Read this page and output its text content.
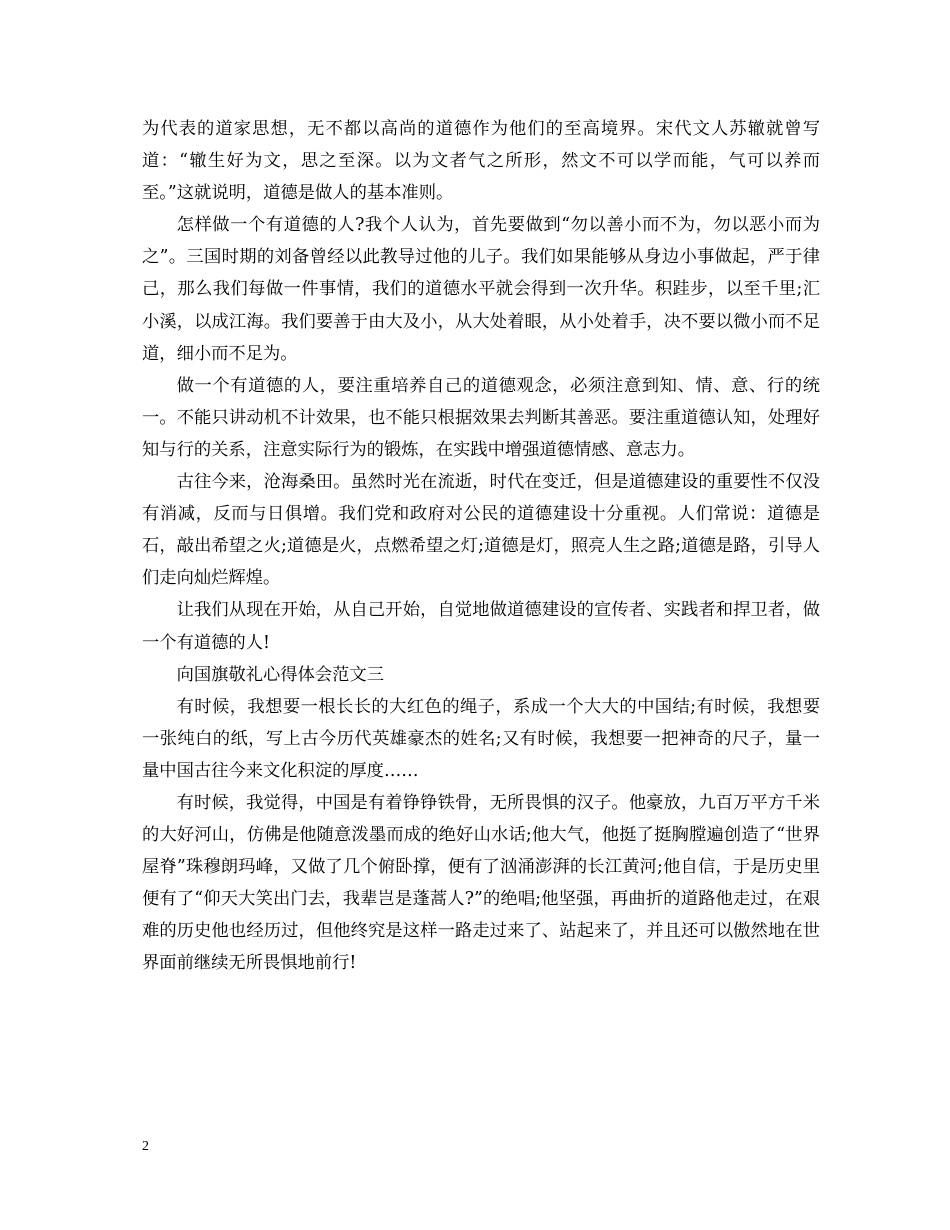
为代表的道家思想，无不都以高尚的道德作为他们的至高境界。宋代文人苏辙就曾写道：“辙生好为文，思之至深。以为文者气之所形，然文不可以学而能，气可以养而至。”这就说明，道德是做人的基本准则。

怎样做一个有道德的人?我个人认为，首先要做到“勿以善小而不为，勿以恶小而为之”。三国时期的刘备曾经以此教导过他的儿子。我们如果能够从身边小事做起，严于律己，那么我们每做一件事情，我们的道德水平就会得到一次升华。积跬步，以至千里;汇小溪，以成江海。我们要善于由大及小，从大处着眼，从小处着手，决不要以微小而不足道，细小而不足为。

做一个有道德的人，要注重培养自己的道德观念，必须注意到知、情、意、行的统一。不能只讲动机不计效果，也不能只根据效果去判断其善恶。要注重道德认知，处理好知与行的关系，注意实际行为的锻炼，在实践中增强道德情感、意志力。

古往今来，沧海桑田。虽然时光在流逝，时代在变迁，但是道德建设的重要性不仅没有消减，反而与日俱增。我们党和政府对公民的道德建设十分重视。人们常说：道德是石，敲出希望之火;道德是火，点燃希望之灯;道德是灯，照亮人生之路;道德是路，引导人们走向灿烂辉煌。

让我们从现在开始，从自己开始，自觉地做道德建设的宣传者、实践者和捍卫者，做一个有道德的人!

向国旗敬礼心得体会范文三

有时候，我想要一根长长的大红色的绳子，系成一个大大的中国结;有时候，我想要一张纯白的纸，写上古今历代英雄豪杰的姓名;又有时候，我想要一把神奇的尺子，量一量中国古往今来文化积淀的厚度……

有时候，我觉得，中国是有着铮铮铁骨，无所畏惧的汉子。他豪放，九百万平方千米的大好河山，仿佛是他随意泼墨而成的绝好山水话;他大气，他挺了挺胸膛遍创造了“世界屋脊”珠穆朗玛峰，又做了几个俯卧撑，便有了汹涌澎湃的长江黄河;他自信，于是历史里便有了“仰天大笑出门去，我辈岂是蓬蒿人?”的绝唱;他坚强，再曲折的道路他走过，在艰难的历史他也经历过，但他终究是这样一路走过来了、站起来了，并且还可以傲然地在世界面前继续无所畏惧地前行!

2
